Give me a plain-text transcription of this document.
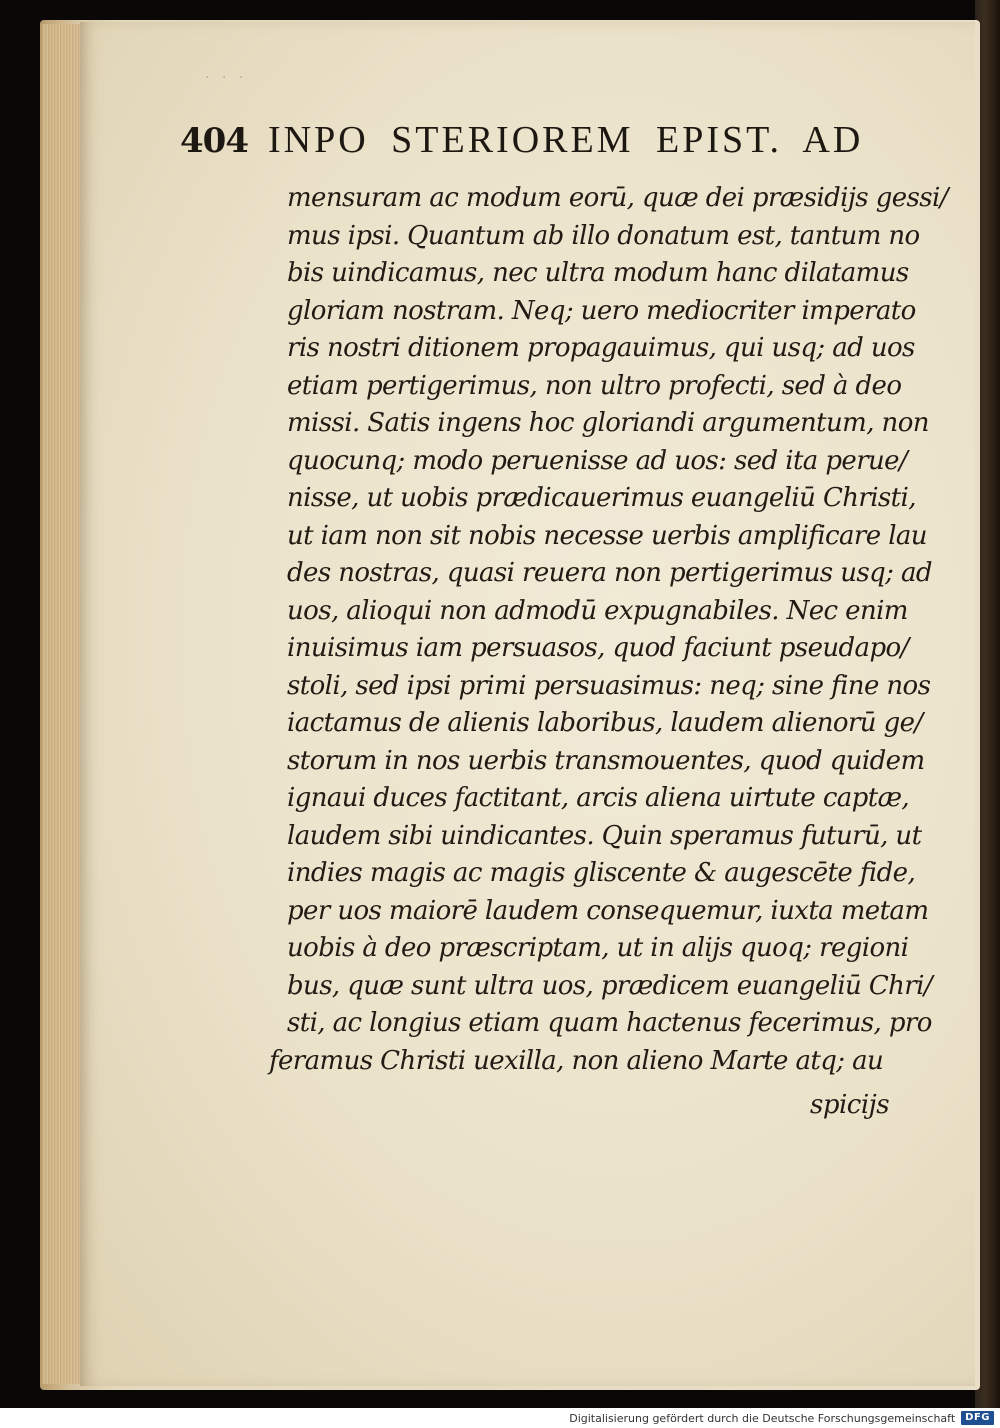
· · ·
404 INPO STERIOREM EPIST. AD
mensuram ac modum eorū, quæ dei præsidijs gessi/
mus ipsi. Quantum ab illo donatum est, tantum no
bis uindicamus, nec ultra modum hanc dilatamus
gloriam nostram. Neq; uero mediocriter imperato
ris nostri ditionem propagauimus, qui usq; ad uos
etiam pertigerimus, non ultro profecti, sed à deo
missi. Satis ingens hoc gloriandi argumentum, non
quocunq; modo peruenisse ad uos: sed ita perue/
nisse, ut uobis prædicauerimus euangeliū Christi,
ut iam non sit nobis necesse uerbis amplificare lau
des nostras, quasi reuera non pertigerimus usq; ad
uos, alioqui non admodū expugnabiles. Nec enim
inuisimus iam persuasos, quod faciunt pseudapo/
stoli, sed ipsi primi persuasimus: neq; sine fine nos
iactamus de alienis laboribus, laudem alienorū ge/
storum in nos uerbis transmouentes, quod quidem
ignaui duces factitant, arcis aliena uirtute captæ,
laudem sibi uindicantes. Quin speramus futurū, ut
indies magis ac magis gliscente & augescēte fide,
per uos maiorē laudem consequemur, iuxta metam
uobis à deo præscriptam, ut in alijs quoq; regioni
bus, quæ sunt ultra uos, prædicem euangeliū Chri/
sti, ac longius etiam quam hactenus fecerimus, pro
feramus Christi uexilla, non alieno Marte atq; au
spicijs
Digitalisierung gefördert durch die Deutsche Forschungsgemeinschaft	DFG
